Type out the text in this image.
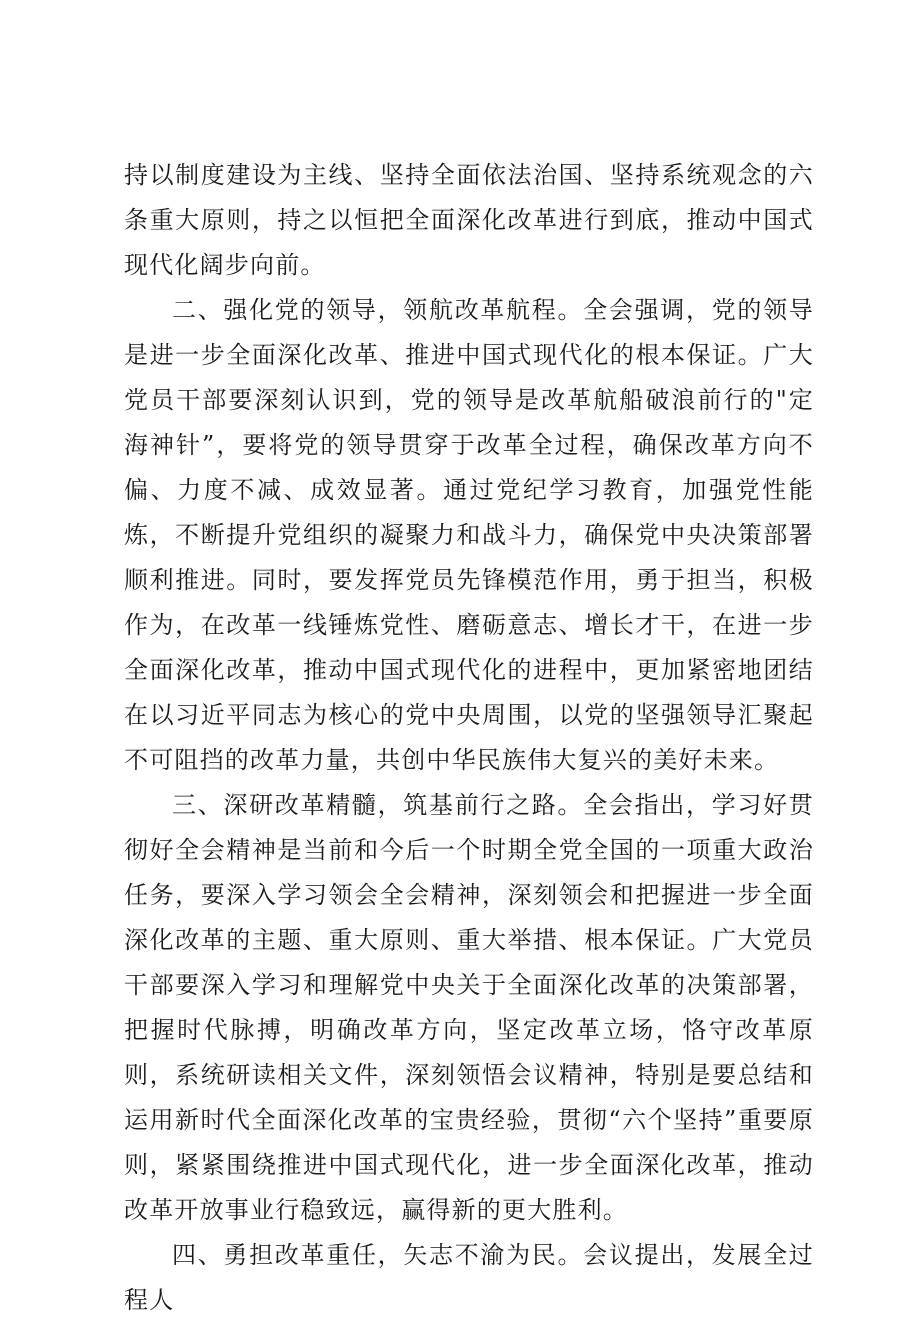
持以制度建设为主线、坚持全面依法治国、坚持系统观念的六条重大原则，持之以恒把全面深化改革进行到底，推动中国式现代化阔步向前。

二、强化党的领导，领航改革航程。全会强调，党的领导是进一步全面深化改革、推进中国式现代化的根本保证。广大党员干部要深刻认识到，党的领导是改革航船破浪前行的"定海神针”，要将党的领导贯穿于改革全过程，确保改革方向不偏、力度不减、成效显著。通过党纪学习教育，加强党性能炼，不断提升党组织的凝聚力和战斗力，确保党中央决策部署顺利推进。同时，要发挥党员先锋模范作用，勇于担当，积极作为，在改革一线锤炼党性、磨砺意志、增长才干，在进一步全面深化改革，推动中国式现代化的进程中，更加紧密地团结在以习近平同志为核心的党中央周围，以党的坚强领导汇聚起不可阻挡的改革力量，共创中华民族伟大复兴的美好未来。

三、深研改革精髓，筑基前行之路。全会指出，学习好贯彻好全会精神是当前和今后一个时期全党全国的一项重大政治任务，要深入学习领会全会精神，深刻领会和把握进一步全面深化改革的主题、重大原则、重大举措、根本保证。广大党员干部要深入学习和理解党中央关于全面深化改革的决策部署，把握时代脉搏，明确改革方向，坚定改革立场，恪守改革原则，系统研读相关文件，深刻领悟会议精神，特别是要总结和运用新时代全面深化改革的宝贵经验，贯彻“六个坚持”重要原则，紧紧围绕推进中国式现代化，进一步全面深化改革，推动改革开放事业行稳致远，赢得新的更大胜利。

四、勇担改革重任，矢志不渝为民。会议提出，发展全过程人
